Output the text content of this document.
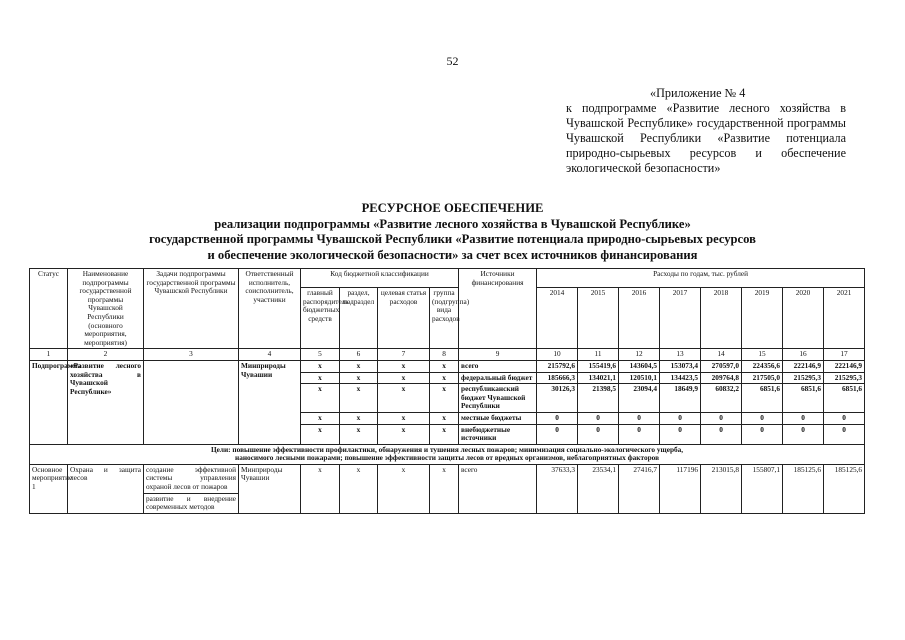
52
«Приложение № 4
к подпрограмме «Развитие лесного хозяйства в Чувашской Республике» государственной программы Чувашской Республики «Развитие потенциала природно-сырьевых ресурсов и обеспечение экологической безопасности»
РЕСУРСНОЕ ОБЕСПЕЧЕНИЕ
реализации подпрограммы «Развитие лесного хозяйства в Чувашской Республике»
государственной программы Чувашской Республики «Развитие потенциала природно-сырьевых ресурсов
и обеспечение экологической безопасности» за счет всех источников финансирования
Статус	Наименование подпрограммы государственной программы Чувашской Республики (основного мероприятия, мероприятия)	Задачи подпрограммы государственной программы Чувашской Республики	Ответственный исполнитель, соисполнитель, участники	Код бюджетной классификации				Источники финансирования	Расходы по годам, тыс. рублей							
				главный распорядитель бюджетных средств	раздел, подраздел	целевая статья расходов	группа (подгруппа) вида расходов		2014	2015	2016	2017	2018	2019	2020	2021
1	2	3	4	5	6	7	8	9	10	11	12	13	14	15	16	17
Подпрограмма	«Развитие лесного хозяйства в Чувашской Республике»		Минприроды Чувашии	x	x	x	x	всего	215792,6	155419,6	143604,5	153073,4	270597,0	224356,6	222146,9	222146,9
				x	x	x	x	федеральный бюджет	185666,3	134021,1	120510,1	134423,5	209764,8	217505,0	215295,3	215295,3
				x	x	x	x	республиканский бюджет Чувашской Республики	30126,3	21398,5	23094,4	18649,9	60832,2	6851,6	6851,6	6851,6
				x	x	x	x	местные бюджеты	0	0	0	0	0	0	0	0
				x	x	x	x	внебюджетные источники	0	0	0	0	0	0	0	0
Цели: повышение эффективности профилактики, обнаружения и тушения лесных пожаров; минимизация социально-экологического ущерба,
наносимого лесными пожарами; повышение эффективности защиты лесов от вредных организмов, неблагоприятных факторов																
Основное мероприятие 1	Охрана и защита лесов	создание эффективной системы управления охраной лесов от пожаров	Минприроды Чувашии	x	x	x	x	всего	37633,3	23534,1	27416,7	117196	213015,8	155807,1	185125,6	185125,6
		развитие и внедрение современных методов														
